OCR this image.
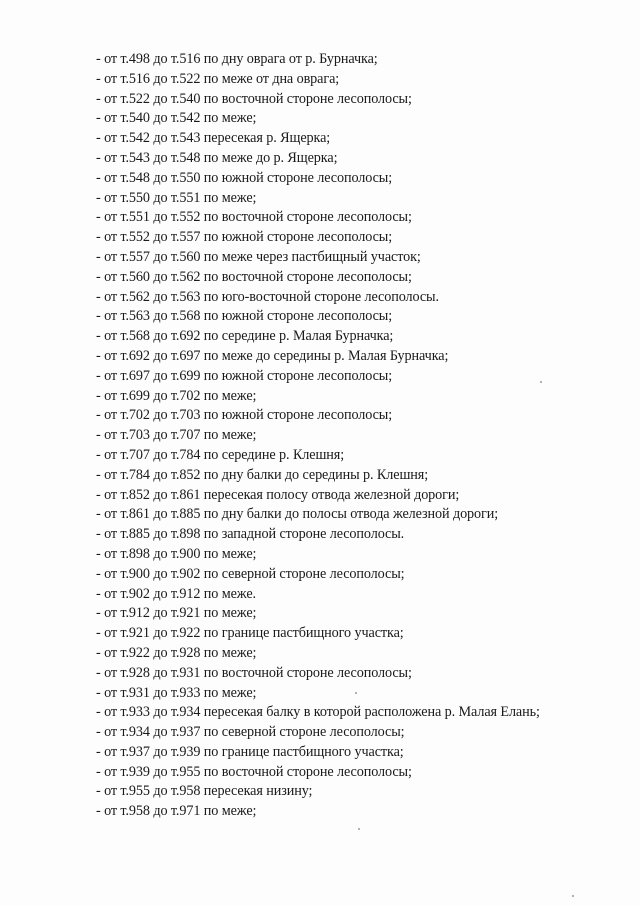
- от т.498 до т.516 по дну оврага от р. Бурначка;
- от т.516 до т.522 по меже от дна оврага;
- от т.522 до т.540 по восточной стороне лесополосы;
- от т.540 до т.542 по меже;
- от т.542 до т.543 пересекая р. Ящерка;
- от т.543 до т.548 по меже до р. Ящерка;
- от т.548 до т.550 по южной стороне лесополосы;
- от т.550 до т.551 по меже;
- от т.551 до т.552 по восточной стороне лесополосы;
- от т.552 до т.557 по южной стороне лесополосы;
- от т.557 до т.560 по меже через пастбищный участок;
- от т.560 до т.562 по восточной стороне лесополосы;
- от т.562 до т.563 по юго-восточной стороне лесополосы.
- от т.563 до т.568 по южной стороне лесополосы;
- от т.568 до т.692 по середине р. Малая Бурначка;
- от т.692 до т.697 по меже до середины р. Малая Бурначка;
- от т.697 до т.699 по южной стороне лесополосы;
- от т.699 до т.702 по меже;
- от т.702 до т.703 по южной стороне лесополосы;
- от т.703 до т.707 по меже;
- от т.707 до т.784 по середине р. Клешня;
- от т.784 до т.852 по дну балки до середины р. Клешня;
- от т.852 до т.861 пересекая полосу отвода железной дороги;
- от т.861 до т.885 по дну балки до полосы отвода железной дороги;
- от т.885 до т.898 по западной стороне лесополосы.
- от т.898 до т.900 по меже;
- от т.900 до т.902 по северной стороне лесополосы;
- от т.902 до т.912 по меже.
- от т.912 до т.921 по меже;
- от т.921 до т.922 по границе пастбищного участка;
- от т.922 до т.928 по меже;
- от т.928 до т.931 по восточной стороне лесополосы;
- от т.931 до т.933 по меже;
- от т.933 до т.934 пересекая балку в которой расположена р. Малая Елань;
- от т.934 до т.937 по северной стороне лесополосы;
- от т.937 до т.939 по границе пастбищного участка;
- от т.939 до т.955 по восточной стороне лесополосы;
- от т.955 до т.958 пересекая низину;
- от т.958 до т.971 по меже;
